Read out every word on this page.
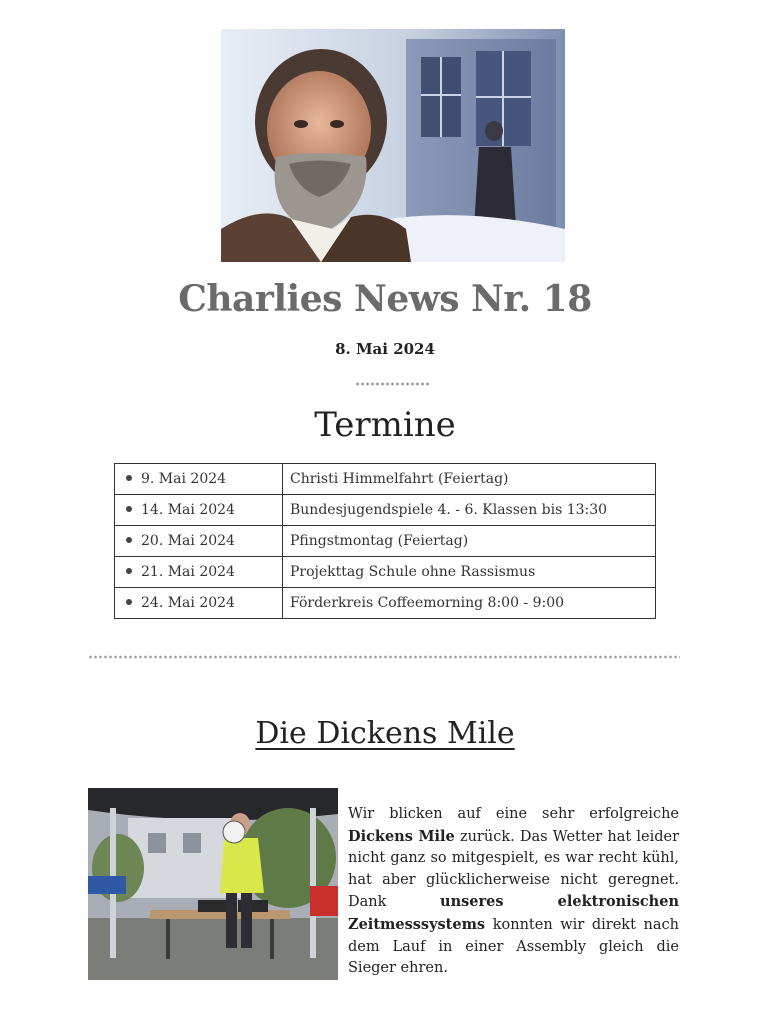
Charlies News Nr. 18
8. Mai 2024
Termine
9. Mai 2024	Christi Himmelfahrt (Feiertag)
14. Mai 2024	Bundesjugendspiele 4. - 6. Klassen bis 13:30
20. Mai 2024	Pfingstmontag (Feiertag)
21. Mai 2024	Projekttag Schule ohne Rassismus
24. Mai 2024	Förderkreis Coffeemorning 8:00 - 9:00
Die Dickens Mile

Wir blicken auf eine sehr erfolgreiche Dickens Mile zurück. Das Wetter hat leider nicht ganz so mitgespielt, es war recht kühl, hat aber glücklicherweise nicht geregnet. Dank unseres elektronischen Zeitmesssystems konnten wir direkt nach dem Lauf in einer Assembly gleich die Sieger ehren.
